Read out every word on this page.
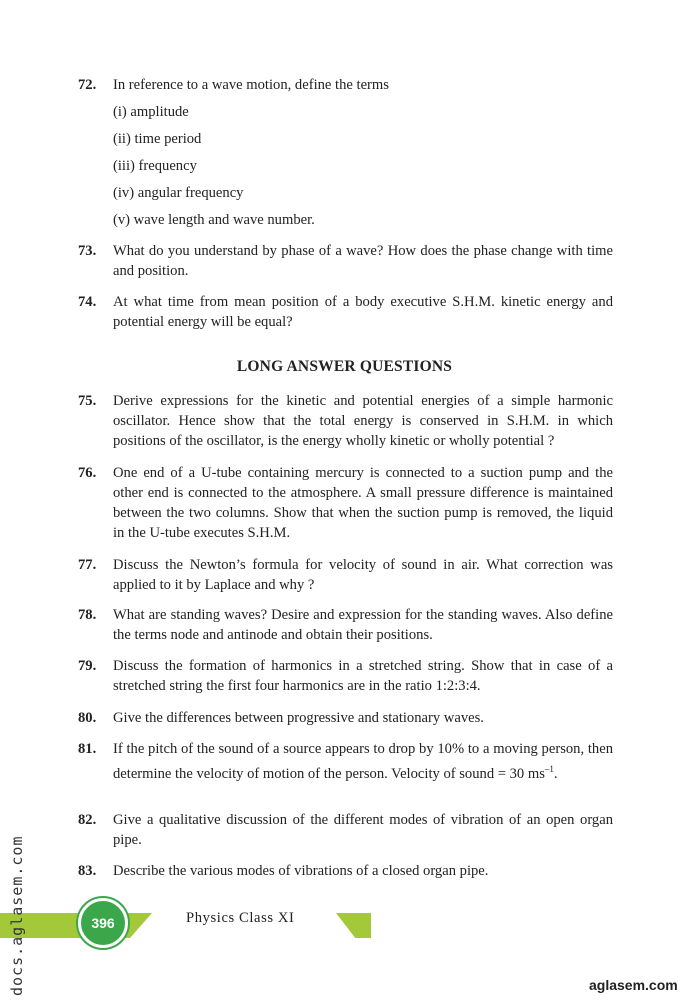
72. In reference to a wave motion, define the terms
(i) amplitude
(ii) time period
(iii) frequency
(iv) angular frequency
(v) wave length and wave number.
73. What do you understand by phase of a wave? How does the phase change with time and position.
74. At what time from mean position of a body executive S.H.M. kinetic energy and potential energy will be equal?
LONG ANSWER QUESTIONS
75. Derive expressions for the kinetic and potential energies of a simple harmonic oscillator. Hence show that the total energy is conserved in S.H.M. in which positions of the oscillator, is the energy wholly kinetic or wholly potential ?
76. One end of a U-tube containing mercury is connected to a suction pump and the other end is connected to the atmosphere. A small pressure difference is maintained between the two columns. Show that when the suction pump is removed, the liquid in the U-tube executes S.H.M.
77. Discuss the Newton’s formula for velocity of sound in air. What correction was applied to it by Laplace and why ?
78. What are standing waves? Desire and expression for the standing waves. Also define the terms node and antinode and obtain their positions.
79. Discuss the formation of harmonics in a stretched string. Show that in case of a stretched string the first four harmonics are in the ratio 1:2:3:4.
80. Give the differences between progressive and stationary waves.
81. If the pitch of the sound of a source appears to drop by 10% to a moving person, then determine the velocity of motion of the person. Velocity of sound = 30 $ms^{-1}$.
82. Give a qualitative discussion of the different modes of vibration of an open organ pipe.
83. Describe the various modes of vibrations of a closed organ pipe.
396	Physics Class XI
docs.aglasem.com	aglasem.com
